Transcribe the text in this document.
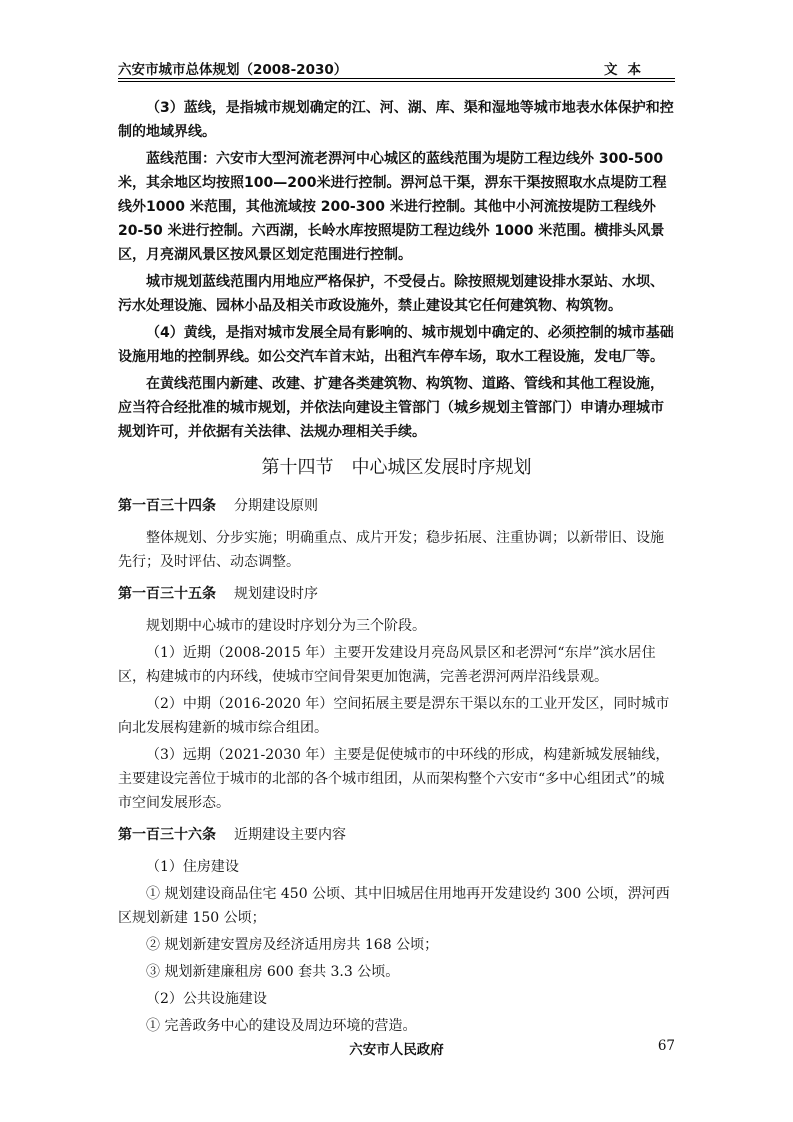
六安市城市总体规划（2008-2030）	文本

（3）蓝线，是指城市规划确定的江、河、湖、库、渠和湿地等城市地表水体保护和控制的地域界线。

蓝线范围：六安市大型河流老淠河中心城区的蓝线范围为堤防工程边线外 300-500 米，其余地区均按照100—200米进行控制。淠河总干渠，淠东干渠按照取水点堤防工程线外1000 米范围，其他流域按 200-300 米进行控制。其他中小河流按堤防工程线外 20-50 米进行控制。六西湖，长岭水库按照堤防工程边线外 1000 米范围。横排头风景区，月亮湖风景区按风景区划定范围进行控制。

城市规划蓝线范围内用地应严格保护，不受侵占。除按照规划建设排水泵站、水坝、污水处理设施、园林小品及相关市政设施外，禁止建设其它任何建筑物、构筑物。

（4）黄线，是指对城市发展全局有影响的、城市规划中确定的、必须控制的城市基础设施用地的控制界线。如公交汽车首末站，出租汽车停车场，取水工程设施，发电厂等。

在黄线范围内新建、改建、扩建各类建筑物、构筑物、道路、管线和其他工程设施，应当符合经批准的城市规划，并依法向建设主管部门（城乡规划主管部门）申请办理城市规划许可，并依据有关法律、法规办理相关手续。

第十四节　中心城区发展时序规划
第一百三十四条 分期建设原则

整体规划、分步实施；明确重点、成片开发；稳步拓展、注重协调；以新带旧、设施先行；及时评估、动态调整。

第一百三十五条 规划建设时序

规划期中心城市的建设时序划分为三个阶段。

（1）近期（2008-2015 年）主要开发建设月亮岛风景区和老淠河“东岸”滨水居住区，构建城市的内环线，使城市空间骨架更加饱满，完善老淠河两岸沿线景观。

（2）中期（2016-2020 年）空间拓展主要是淠东干渠以东的工业开发区，同时城市向北发展构建新的城市综合组团。

（3）远期（2021-2030 年）主要是促使城市的中环线的形成，构建新城发展轴线，主要建设完善位于城市的北部的各个城市组团，从而架构整个六安市“多中心组团式”的城市空间发展形态。

第一百三十六条 近期建设主要内容

（1）住房建设

① 规划建设商品住宅 450 公顷、其中旧城居住用地再开发建设约 300 公顷，淠河西区规划新建 150 公顷；

② 规划新建安置房及经济适用房共 168 公顷；

③ 规划新建廉租房 600 套共 3.3 公顷。

（2）公共设施建设

① 完善政务中心的建设及周边环境的营造。

六安市人民政府	67
